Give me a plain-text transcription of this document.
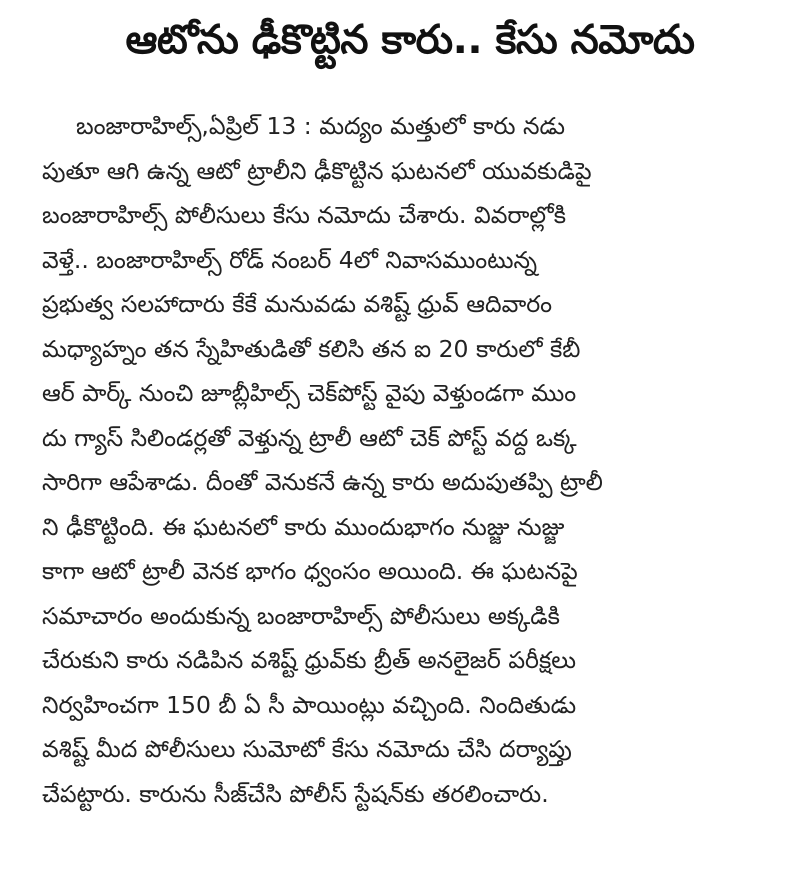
ఆటోను ఢీకొట్టిన కారు.. కేసు నమోదు
బంజారాహిల్స్,ఏప్రిల్ 13 : మద్యం మత్తులో కారు నడు
పుతూ ఆగి ఉన్న ఆటో ట్రాలీని ఢీకొట్టిన ఘటనలో యువకుడిపై
బంజారాహిల్స్ పోలీసులు కేసు నమోదు చేశారు. వివరాల్లోకి
వెళ్తే.. బంజారాహిల్స్ రోడ్ నంబర్ 4లో నివాసముంటున్న
ప్రభుత్వ సలహాదారు కేకే మనువడు వశిష్ట్ ధ్రువ్ ఆదివారం
మధ్యాహ్నం తన స్నేహితుడితో కలిసి తన ఐ 20 కారులో కేబీ
ఆర్ పార్క్ నుంచి జూబ్లీహిల్స్ చెక్‌పోస్ట్ వైపు వెళ్తుండగా ముం
దు గ్యాస్ సిలిండర్లతో వెళ్తున్న ట్రాలీ ఆటో చెక్ పోస్ట్ వద్ద ఒక్క
సారిగా ఆపేశాడు. దీంతో వెనుకనే ఉన్న కారు అదుపుతప్పి ట్రాలీ
ని ఢీకొట్టింది. ఈ ఘటనలో కారు ముందుభాగం నుజ్జు నుజ్జు
కాగా ఆటో ట్రాలీ వెనక భాగం ధ్వంసం అయింది. ఈ ఘటనపై
సమాచారం అందుకున్న బంజారాహిల్స్ పోలీసులు అక్కడికి
చేరుకుని కారు నడిపిన వశిష్ట్ ధ్రువ్‌కు బ్రీత్ అనలైజర్ పరీక్షలు
నిర్వహించగా 150 బీ ఏ సీ పాయింట్లు వచ్చింది. నిందితుడు
వశిష్ట్ మీద పోలీసులు సుమోటో కేసు నమోదు చేసి దర్యాప్తు
చేపట్టారు. కారును సీజ్‌చేసి పోలీస్ స్టేషన్‌కు తరలించారు.
